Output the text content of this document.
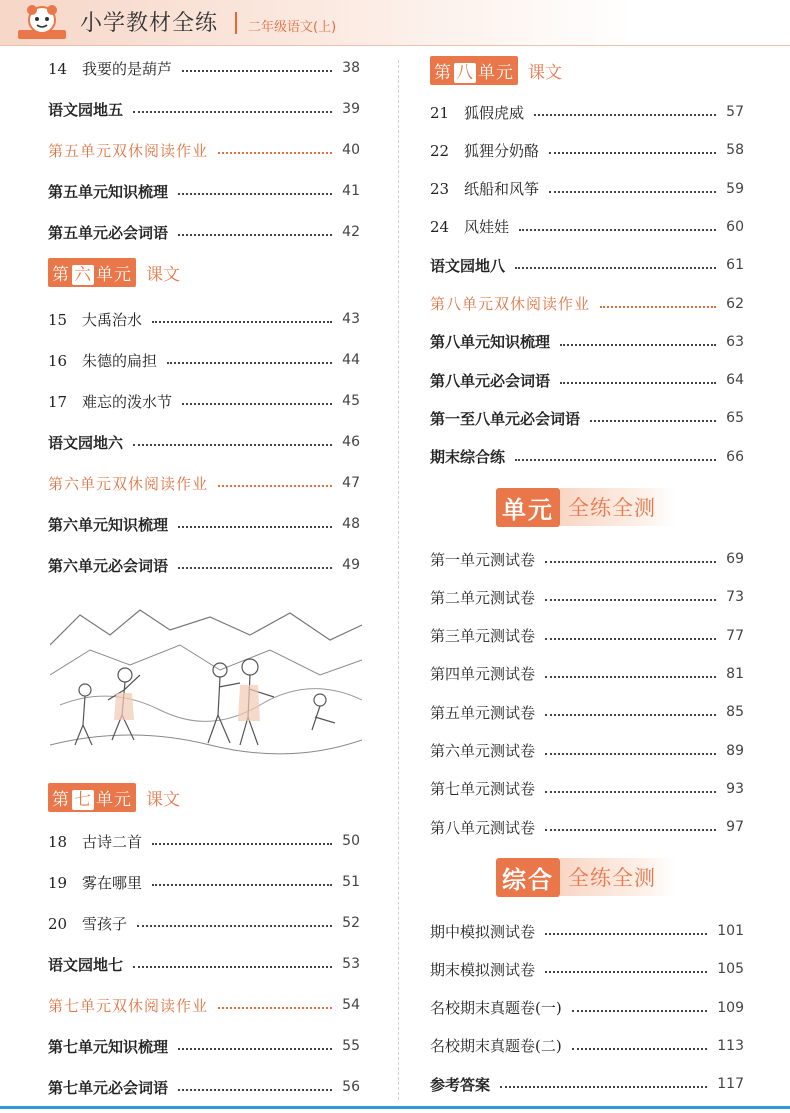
小学教材全练 二年级语文(上)
第 六 单元 课文
第 七 单元 课文
第 八 单元 课文
单元 全练全测
综合 全练全测
14 我要的是葫芦	38
语文园地五	39
第五单元双休阅读作业	40
第五单元知识梳理	41
第五单元必会词语	42
15 大禹治水	43
16 朱德的扁担	44
17 难忘的泼水节	45
语文园地六	46
第六单元双休阅读作业	47
第六单元知识梳理	48
第六单元必会词语	49
18 古诗二首	50
19 雾在哪里	51
20 雪孩子	52
语文园地七	53
第七单元双休阅读作业	54
第七单元知识梳理	55
第七单元必会词语	56
21 狐假虎威	57
22 狐狸分奶酪	58
23 纸船和风筝	59
24 风娃娃	60
语文园地八	61
第八单元双休阅读作业	62
第八单元知识梳理	63
第八单元必会词语	64
第一至八单元必会词语	65
期末综合练	66
第一单元测试卷	69
第二单元测试卷	73
第三单元测试卷	77
第四单元测试卷	81
第五单元测试卷	85
第六单元测试卷	89
第七单元测试卷	93
第八单元测试卷	97
期中模拟测试卷	101
期末模拟测试卷	105
名校期末真题卷(一)	109
名校期末真题卷(二)	113
参考答案	117
